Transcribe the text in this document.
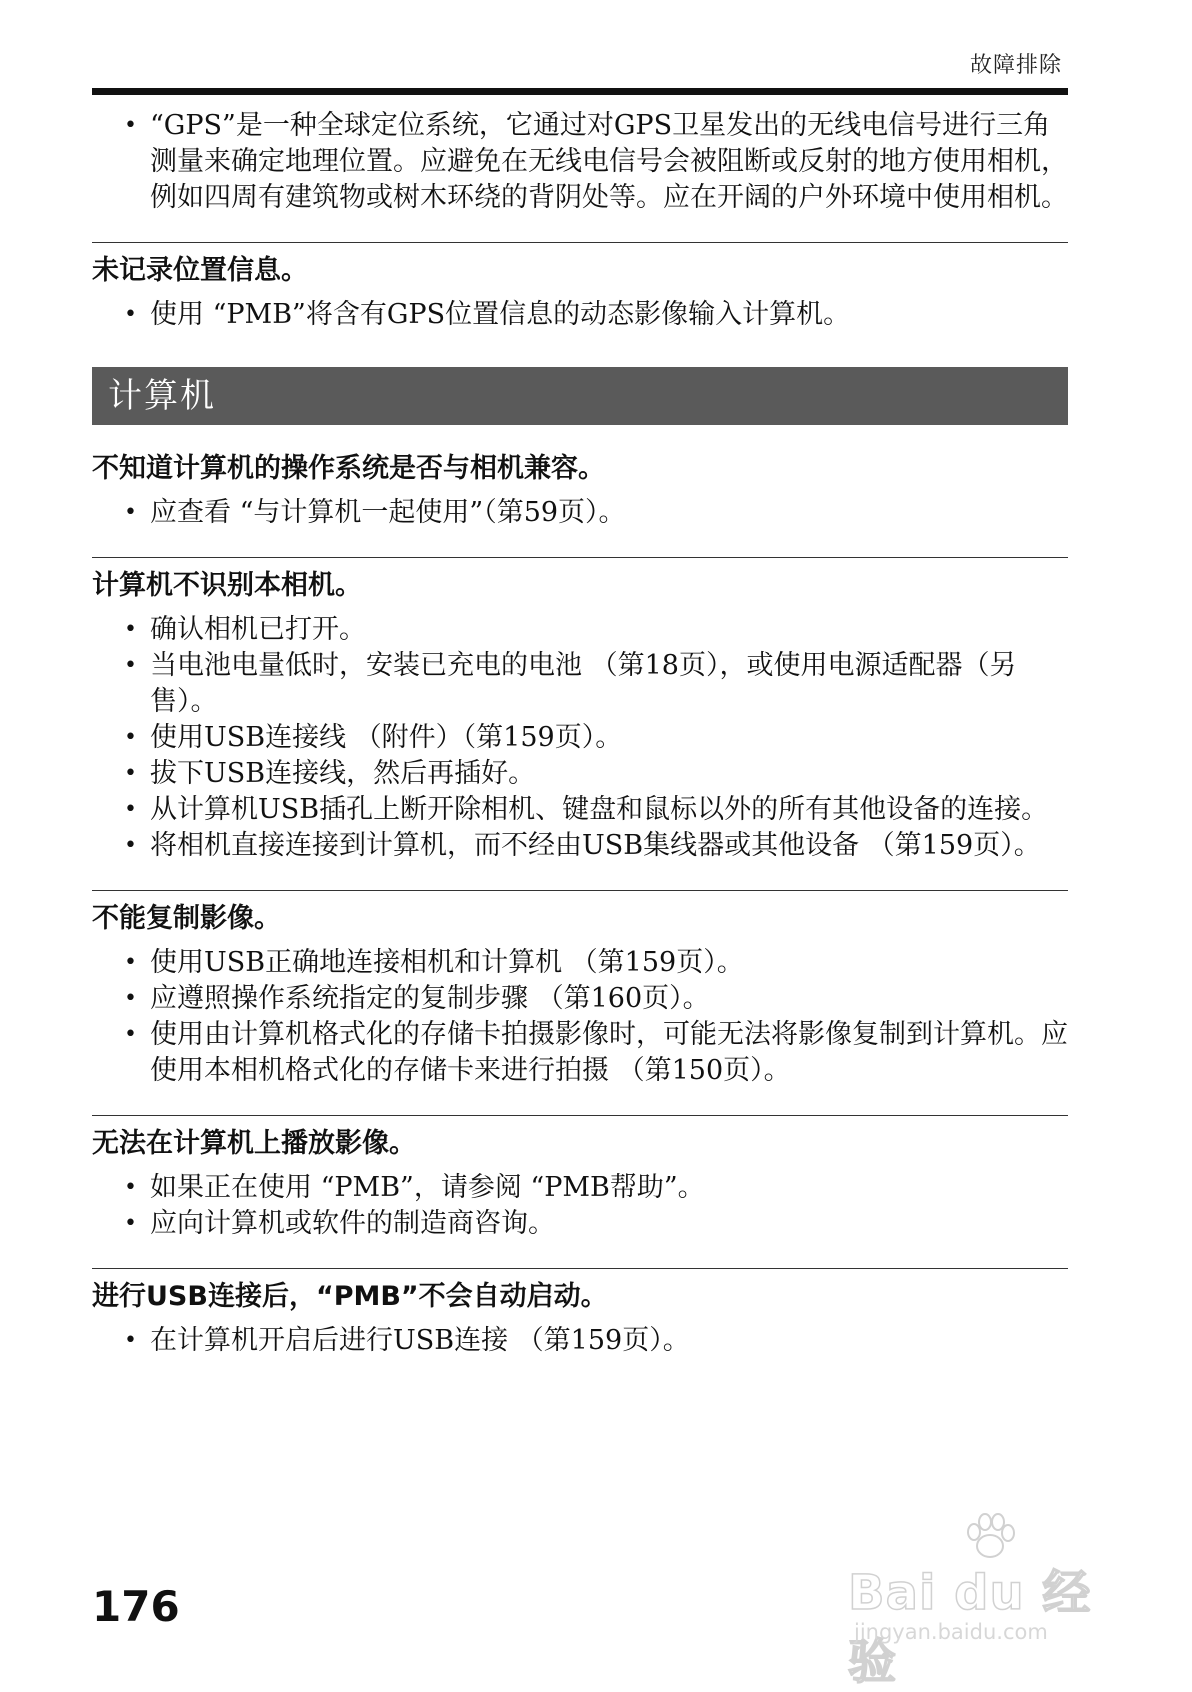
故障排除
• “GPS”是一种全球定位系统，它通过对GPS卫星发出的无线电信号进行三角测量来确定地理位置。应避免在无线电信号会被阻断或反射的地方使用相机，例如四周有建筑物或树木环绕的背阴处等。应在开阔的户外环境中使用相机。
未记录位置信息。
• 使用 “PMB”将含有GPS位置信息的动态影像输入计算机。
计算机
不知道计算机的操作系统是否与相机兼容。
• 应查看 “与计算机一起使用”（第59页）。
计算机不识别本相机。
• 确认相机已打开。
• 当电池电量低时，安装已充电的电池 （第18页），或使用电源适配器（另售）。
• 使用USB连接线 （附件）（第159页）。
• 拔下USB连接线，然后再插好。
• 从计算机USB插孔上断开除相机、键盘和鼠标以外的所有其他设备的连接。
• 将相机直接连接到计算机，而不经由USB集线器或其他设备 （第159页）。
不能复制影像。
• 使用USB正确地连接相机和计算机 （第159页）。
• 应遵照操作系统指定的复制步骤 （第160页）。
• 使用由计算机格式化的存储卡拍摄影像时，可能无法将影像复制到计算机。应使用本相机格式化的存储卡来进行拍摄 （第150页）。
无法在计算机上播放影像。
• 如果正在使用 “PMB”，请参阅 “PMB帮助”。
• 应向计算机或软件的制造商咨询。
进行USB连接后，“PMB”不会自动启动。
• 在计算机开启后进行USB连接 （第159页）。
176	Bai du 经验
jingyan.baidu.com
